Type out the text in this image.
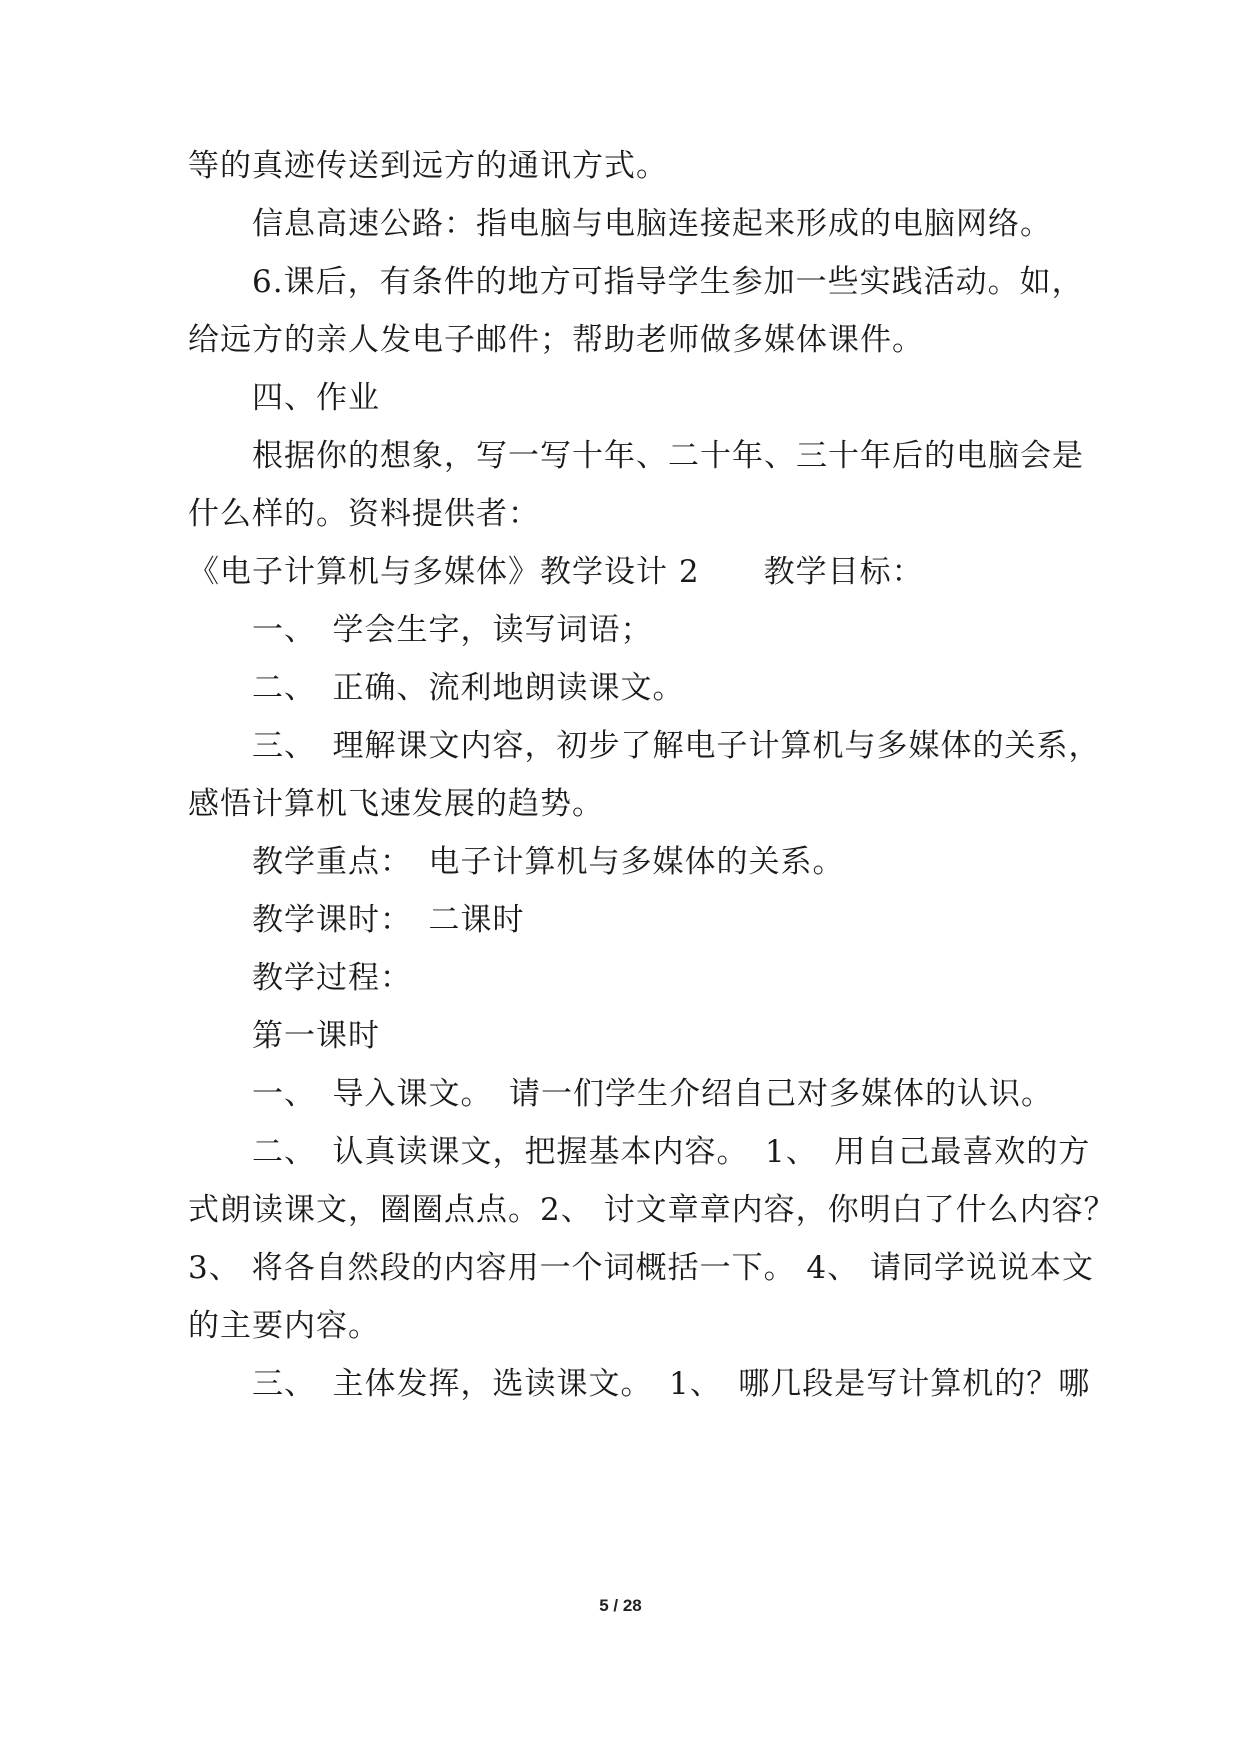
等的真迹传送到远方的通讯方式。
信息高速公路：指电脑与电脑连接起来形成的电脑网络。
6.课后，有条件的地方可指导学生参加一些实践活动。如，
给远方的亲人发电子邮件；帮助老师做多媒体课件。
四、作业
根据你的想象，写一写十年、二十年、三十年后的电脑会是
什么样的。资料提供者：
《电子计算机与多媒体》教学设计 2　　教学目标：
一、　学会生字，读写词语；
二、　正确、流利地朗读课文。
三、　理解课文内容，初步了解电子计算机与多媒体的关系，
感悟计算机飞速发展的趋势。
教学重点：　电子计算机与多媒体的关系。
教学课时：　二课时
教学过程：
第一课时
一、　导入课文。　请一们学生介绍自己对多媒体的认识。
二、　认真读课文，把握基本内容。　1、　用自己最喜欢的方
式朗读课文，圈圈点点。2、 讨文章章内容，你明白了什么内容？
3、 将各自然段的内容用一个词概括一下。 4、 请同学说说本文
的主要内容。
三、　主体发挥，选读课文。　1、　哪几段是写计算机的？哪
5 / 28
